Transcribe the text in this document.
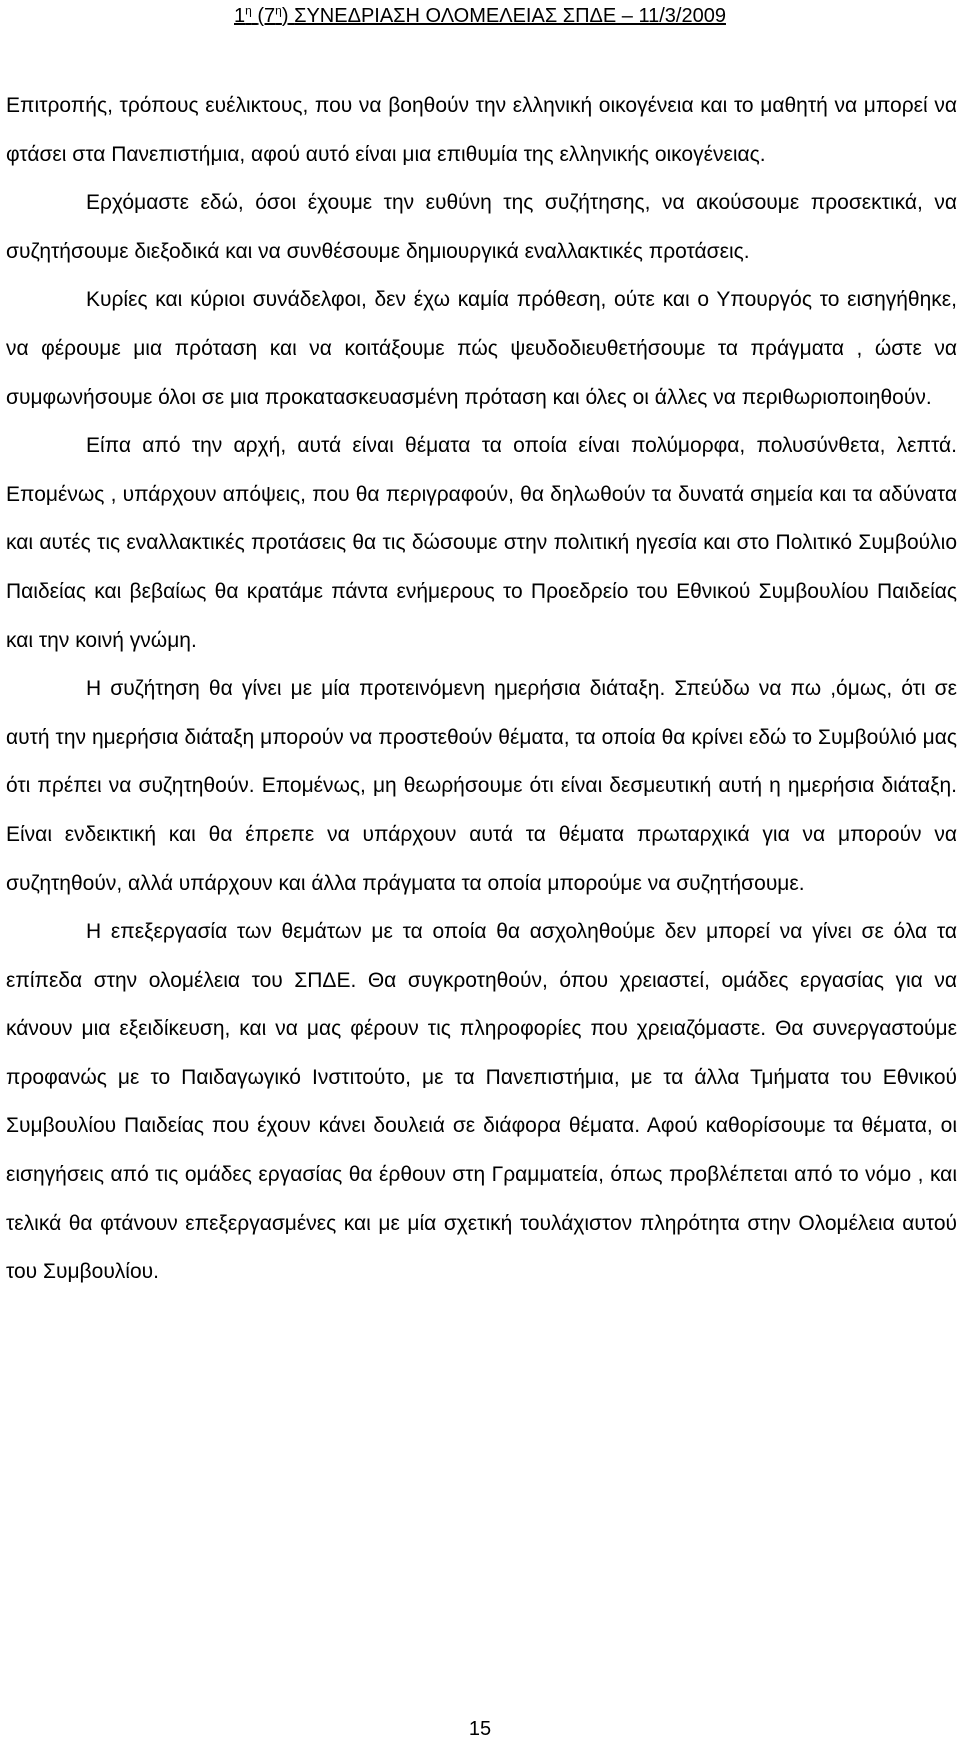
$1^\eta$ $(7^\eta)$ ΣΥΝΕΔΡΙΑΣΗ ΟΛΟΜΕΛΕΙΑΣ ΣΠΔΕ – 11/3/2009

Επιτροπής, τρόπους ευέλικτους, που να βοηθούν την ελληνική οικογένεια και το μαθητή να μπορεί να φτάσει στα Πανεπιστήμια, αφού αυτό είναι μια επιθυμία της ελληνικής οικογένειας.

Ερχόμαστε εδώ, όσοι έχουμε την ευθύνη της συζήτησης, να ακούσουμε προσεκτικά, να συζητήσουμε διεξοδικά και να συνθέσουμε δημιουργικά εναλλακτικές προτάσεις.

Κυρίες και κύριοι συνάδελφοι, δεν έχω καμία πρόθεση, ούτε και ο Υπουργός το εισηγήθηκε, να φέρουμε μια πρόταση και να κοιτάξουμε πώς ψευδοδιευθετήσουμε τα πράγματα , ώστε να συμφωνήσουμε όλοι σε μια προκατασκευασμένη πρόταση και όλες οι άλλες να περιθωριοποιηθούν.

Είπα από την αρχή, αυτά είναι θέματα τα οποία είναι πολύμορφα, πολυσύνθετα, λεπτά. Επομένως , υπάρχουν απόψεις, που θα περιγραφούν, θα δηλωθούν τα δυνατά σημεία και τα αδύνατα και αυτές τις εναλλακτικές προτάσεις θα τις δώσουμε στην πολιτική ηγεσία και στο Πολιτικό Συμβούλιο Παιδείας και βεβαίως θα κρατάμε πάντα ενήμερους το Προεδρείο του Εθνικού Συμβουλίου Παιδείας και την κοινή γνώμη.

Η συζήτηση θα γίνει με μία προτεινόμενη ημερήσια διάταξη. Σπεύδω να πω ,όμως, ότι σε αυτή την ημερήσια διάταξη μπορούν να προστεθούν θέματα, τα οποία θα κρίνει εδώ το Συμβούλιό μας ότι πρέπει να συζητηθούν. Επομένως, μη θεωρήσουμε ότι είναι δεσμευτική αυτή η ημερήσια διάταξη. Είναι ενδεικτική και θα έπρεπε να υπάρχουν αυτά τα θέματα πρωταρχικά για να μπορούν να συζητηθούν, αλλά υπάρχουν και άλλα πράγματα τα οποία μπορούμε να συζητήσουμε.

Η επεξεργασία των θεμάτων με τα οποία θα ασχοληθούμε δεν μπορεί να γίνει σε όλα τα επίπεδα στην ολομέλεια του ΣΠΔΕ. Θα συγκροτηθούν, όπου χρειαστεί, ομάδες εργασίας για να κάνουν μια εξειδίκευση, και να μας φέρουν τις πληροφορίες που χρειαζόμαστε. Θα συνεργαστούμε προφανώς με το Παιδαγωγικό Ινστιτούτο, με τα Πανεπιστήμια, με τα άλλα Τμήματα του Εθνικού Συμβουλίου Παιδείας που έχουν κάνει δουλειά σε διάφορα θέματα. Αφού καθορίσουμε τα θέματα, οι εισηγήσεις από τις ομάδες εργασίας θα έρθουν στη Γραμματεία, όπως προβλέπεται από το νόμο , και τελικά θα φτάνουν επεξεργασμένες και με μία σχετική τουλάχιστον πληρότητα στην Ολομέλεια αυτού του Συμβουλίου.

15
